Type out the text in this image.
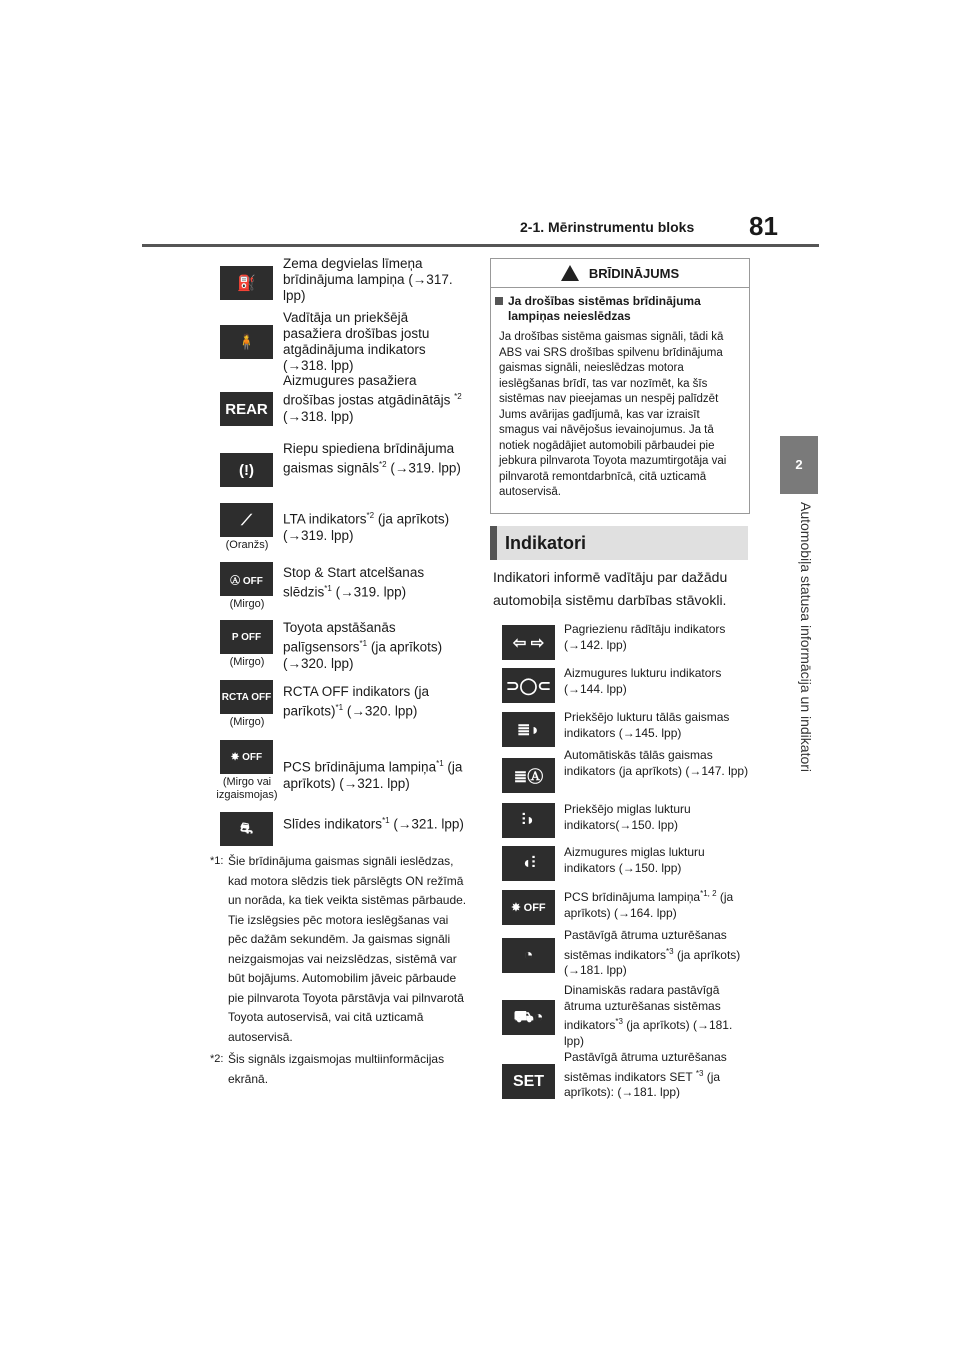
2-1. Mērinstrumentu bloks 81
2
Automobiļa statusa informācija un indikatori
⛽
Zema degvielas līmeņa brīdinājuma lampiņa (→317. lpp)
🧍
Vadītāja un priekšējā pasažiera drošības jostu atgādinājuma indikators (→318. lpp)
REAR
Aizmugures pasažiera drošības jostas atgādinātājs $^{*2}$ (→318. lpp)
(!)
Riepu spiediena brīdinājuma gaismas signāls$^{*2}$ (→319. lpp)
⟋
(Oranžs)
LTA indikators$^{*2}$ (ja aprīkots) (→319. lpp)
Ⓐ OFF
(Mirgo)
Stop & Start atcelšanas slēdzis$^{*1}$ (→319. lpp)
P OFF
(Mirgo)
Toyota apstāšanās palīgsensors$^{*1}$ (ja aprīkots) (→320. lpp)
RCTA OFF
(Mirgo)
RCTA OFF indikators (ja parīkots)$^{*1}$ (→320. lpp)
✸ OFF
(Mirgo vai izgaismojas)
PCS brīdinājuma lampiņa$^{*1}$ (ja aprīkots) (→321. lpp)
⛐	Slīdes indikators$^{*1}$ (→321. lpp)
*1: Šie brīdinājuma gaismas signāli ieslēdzas, kad motora slēdzis tiek pārslēgts ON režīmā un norāda, ka tiek veikta sistēmas pārbaude. Tie izslēgsies pēc motora ieslēgšanas vai pēc dažām sekundēm. Ja gaismas signāli neizgaismojas vai neizslēdzas, sistēmā var būt bojājums. Automobilim jāveic pārbaude pie pilnvarota Toyota pārstāvja vai pilnvarotā Toyota autoservisā, vai citā uzticamā autoservisā.
*2: Šis signāls izgaismojas multiinformācijas ekrānā.
BRĪDINĀJUMS
Ja drošības sistēmas brīdinājuma lampiņas neieslēdzas
Ja drošības sistēma gaismas signāli, tādi kā ABS vai SRS drošības spilvenu brīdinājuma gaismas signāli, neieslēdzas motora ieslēgšanas brīdī, tas var nozīmēt, ka šīs sistēmas nav pieejamas un nespēj palīdzēt Jums avārijas gadījumā, kas var izraisīt smagus vai nāvējošus ievainojumus. Ja tā notiek nogādājiet automobili pārbaudei pie jebkura pilnvarota Toyota mazumtirgotāja vai pilnvarotā remontdarbnīcā, citā uzticamā autoservisā.
Indikatori
Indikatori informē vadītāju par dažādu automobiļa sistēmu darbības stāvokli.
⇦ ⇨
Pagriezienu rādītāju indikators (→142. lpp)
⊃◯⊂
Aizmugures lukturu indikators (→144. lpp)
≣◗
Priekšējo lukturu tālās gaismas indikators (→145. lpp)
≣Ⓐ
Automātiskās tālās gaismas indikators (ja aprīkots) (→147. lpp)
⫶◗
Priekšējo miglas lukturu indikators(→150. lpp)
◖⫶
Aizmugures miglas lukturu indikators (→150. lpp)
✸ OFF
PCS brīdinājuma lampiņa$^{*1, 2}$ (ja aprīkots) (→164. lpp)
◔
Pastāvīgā ātruma uzturēšanas sistēmas indikators$^{*3}$ (ja aprīkots) (→181. lpp)
⛟◔
Dinamiskās radara pastāvīgā ātruma uzturēšanas sistēmas indikators$^{*3}$ (ja aprīkots) (→181. lpp)
SET
Pastāvīgā ātruma uzturēšanas sistēmas indikators SET $^{*3}$ (ja aprīkots): (→181. lpp)
